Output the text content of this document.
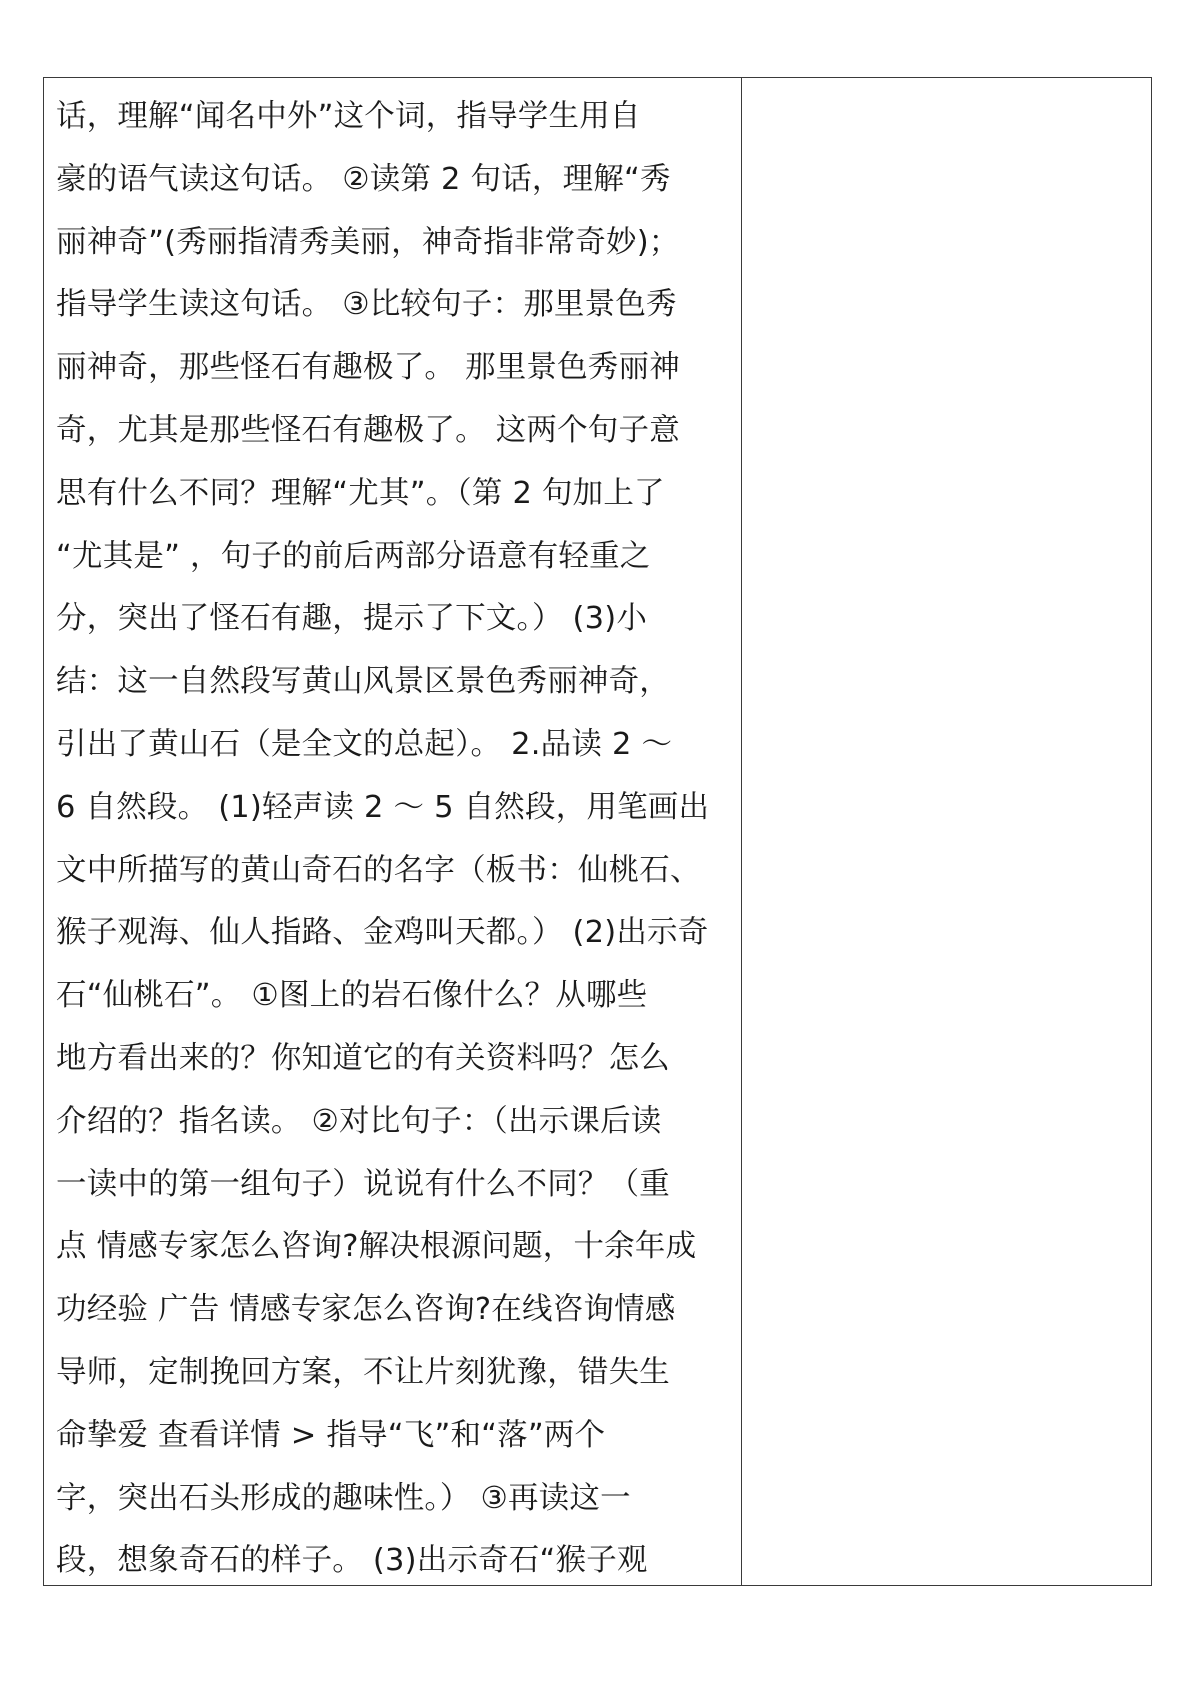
话，理解“闻名中外”这个词，指导学生用自
豪的语气读这句话。 ②读第 2 句话，理解“秀
丽神奇”(秀丽指清秀美丽，神奇指非常奇妙)；
指导学生读这句话。 ③比较句子：那里景色秀
丽神奇，那些怪石有趣极了。 那里景色秀丽神
奇，尤其是那些怪石有趣极了。 这两个句子意
思有什么不同？理解“尤其”。（第 2 句加上了
“尤其是” ，句子的前后两部分语意有轻重之
分，突出了怪石有趣，提示了下文。） (3)小
结：这一自然段写黄山风景区景色秀丽神奇，
引出了黄山石（是全文的总起）。 2.品读 2 ～
6 自然段。 (1)轻声读 2 ～ 5 自然段，用笔画出
文中所描写的黄山奇石的名字（板书：仙桃石、
猴子观海、仙人指路、金鸡叫天都。） (2)出示奇
石“仙桃石”。 ①图上的岩石像什么？从哪些
地方看出来的？你知道它的有关资料吗？怎么
介绍的？指名读。 ②对比句子：（出示课后读
一读中的第一组句子）说说有什么不同？（重
点 情感专家怎么咨询?解决根源问题，十余年成
功经验 广告 情感专家怎么咨询?在线咨询情感
导师，定制挽回方案，不让片刻犹豫，错失生
命挚爱 查看详情 > 指导“飞”和“落”两个
字，突出石头形成的趣味性。） ③再读这一
段，想象奇石的样子。 (3)出示奇石“猴子观
